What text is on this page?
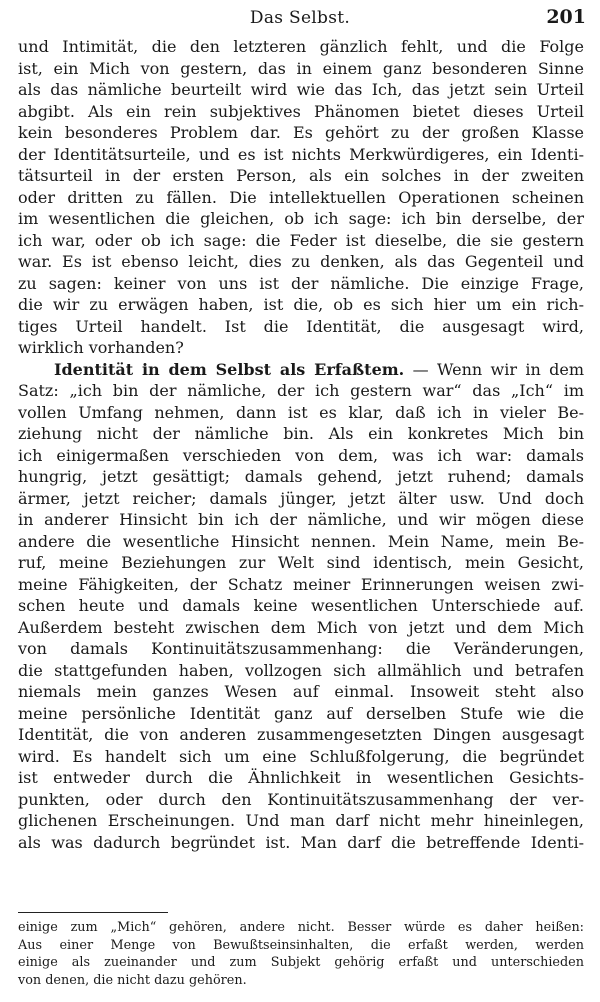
Das Selbst.	201
und Intimität, die den letzteren gänzlich fehlt, und die Folge
ist, ein Mich von gestern, das in einem ganz besonderen Sinne
als das nämliche beurteilt wird wie das Ich, das jetzt sein Urteil
abgibt. Als ein rein subjektives Phänomen bietet dieses Urteil
kein besonderes Problem dar. Es gehört zu der großen Klasse
der Identitätsurteile, und es ist nichts Merkwürdigeres, ein Identi-
tätsurteil in der ersten Person, als ein solches in der zweiten
oder dritten zu fällen. Die intellektuellen Operationen scheinen
im wesentlichen die gleichen, ob ich sage: ich bin derselbe, der
ich war, oder ob ich sage: die Feder ist dieselbe, die sie gestern
war. Es ist ebenso leicht, dies zu denken, als das Gegenteil und
zu sagen: keiner von uns ist der nämliche. Die einzige Frage,
die wir zu erwägen haben, ist die, ob es sich hier um ein rich-
tiges Urteil handelt. Ist die Identität, die ausgesagt wird,
wirklich vorhanden?
Identität in dem Selbst als Erfaßtem. — Wenn wir in dem
Satz: „ich bin der nämliche, der ich gestern war“ das „Ich“ im
vollen Umfang nehmen, dann ist es klar, daß ich in vieler Be-
ziehung nicht der nämliche bin. Als ein konkretes Mich bin
ich einigermaßen verschieden von dem, was ich war: damals
hungrig, jetzt gesättigt; damals gehend, jetzt ruhend; damals
ärmer, jetzt reicher; damals jünger, jetzt älter usw. Und doch
in anderer Hinsicht bin ich der nämliche, und wir mögen diese
andere die wesentliche Hinsicht nennen. Mein Name, mein Be-
ruf, meine Beziehungen zur Welt sind identisch, mein Gesicht,
meine Fähigkeiten, der Schatz meiner Erinnerungen weisen zwi-
schen heute und damals keine wesentlichen Unterschiede auf.
Außerdem besteht zwischen dem Mich von jetzt und dem Mich
von damals Kontinuitätszusammenhang: die Veränderungen,
die stattgefunden haben, vollzogen sich allmählich und betrafen
niemals mein ganzes Wesen auf einmal. Insoweit steht also
meine persönliche Identität ganz auf derselben Stufe wie die
Identität, die von anderen zusammengesetzten Dingen ausgesagt
wird. Es handelt sich um eine Schlußfolgerung, die begründet
ist entweder durch die Ähnlichkeit in wesentlichen Gesichts-
punkten, oder durch den Kontinuitätszusammenhang der ver-
glichenen Erscheinungen. Und man darf nicht mehr hineinlegen,
als was dadurch begründet ist. Man darf die betreffende Identi-
einige zum „Mich“ gehören, andere nicht. Besser würde es daher heißen:
Aus einer Menge von Bewußtseinsinhalten, die erfaßt werden, werden
einige als zueinander und zum Subjekt gehörig erfaßt und unterschieden
von denen, die nicht dazu gehören.
